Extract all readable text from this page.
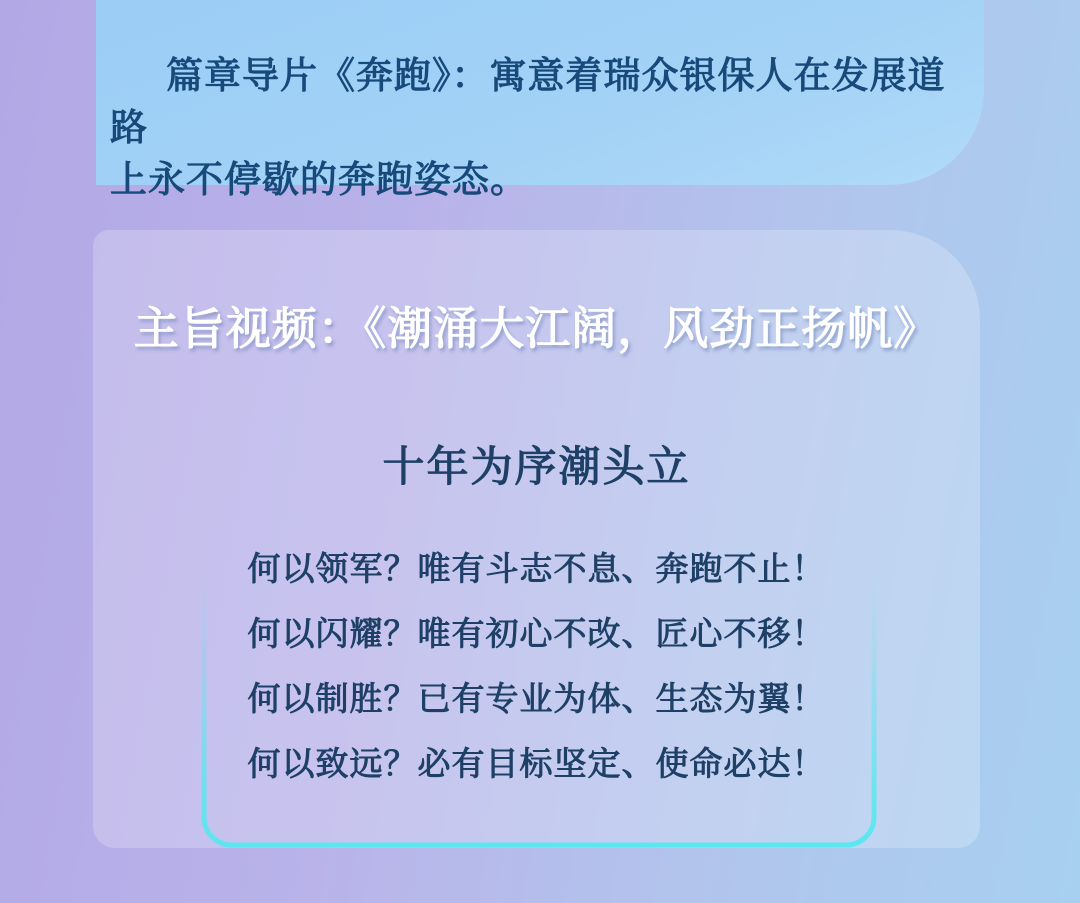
篇章导片《奔跑》：寓意着瑞众银保人在发展道路
上永不停歇的奔跑姿态。
主旨视频：《潮涌大江阔，风劲正扬帆》
十年为序潮头立
何以领军？唯有斗志不息、奔跑不止！
何以闪耀？唯有初心不改、匠心不移！
何以制胜？已有专业为体、生态为翼！
何以致远？必有目标坚定、使命必达！
